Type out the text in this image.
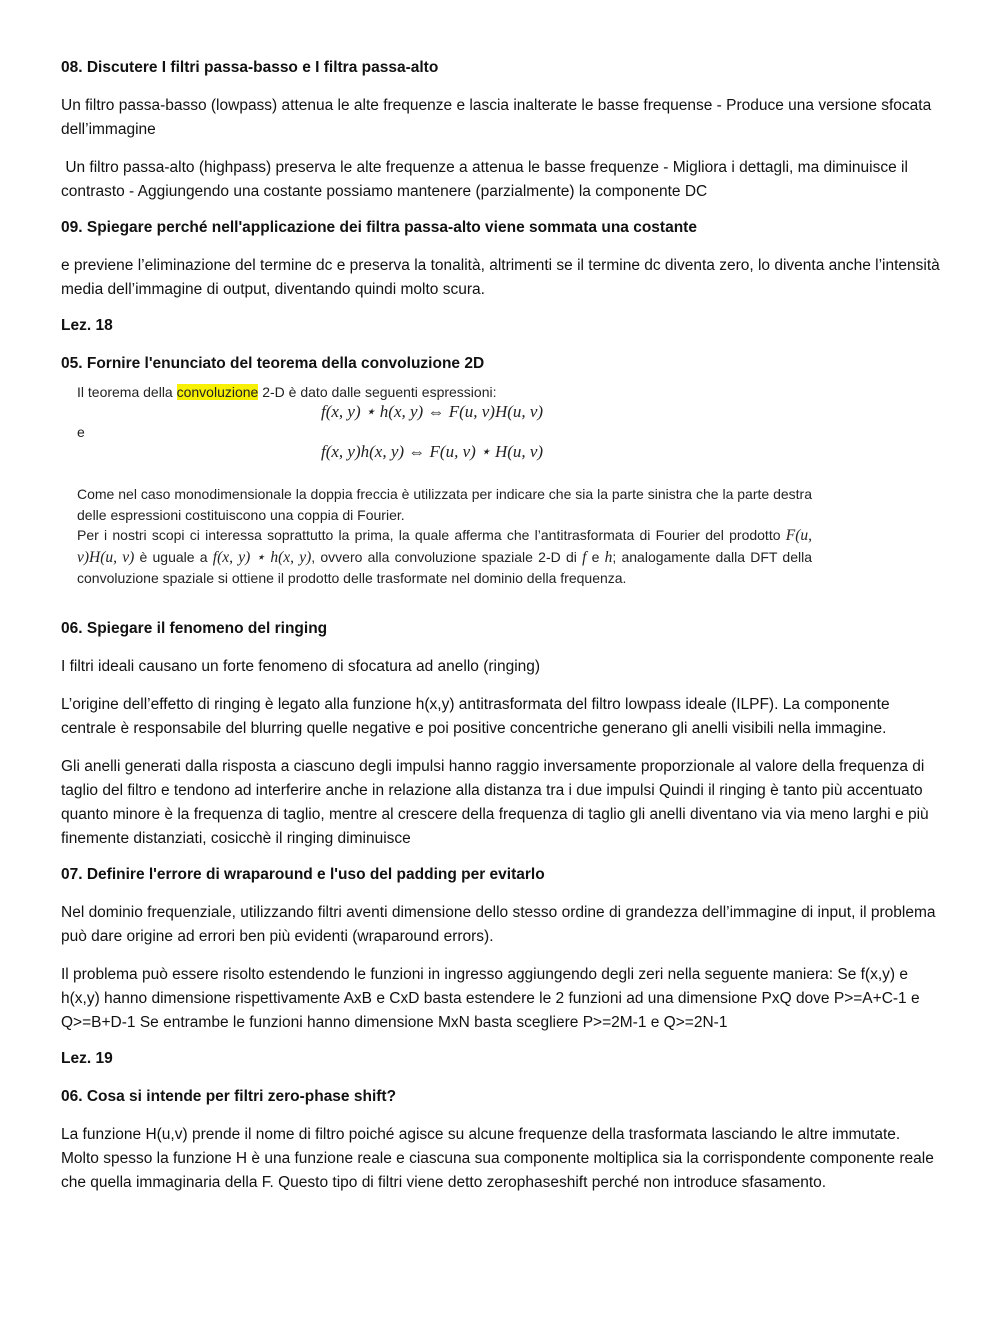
08. Discutere I filtri passa-basso e I filtra passa-alto
Un filtro passa-basso (lowpass) attenua le alte frequenze e lascia inalterate le basse frequense - Produce una versione sfocata dell’immagine
Un filtro passa-alto (highpass) preserva le alte frequenze a attenua le basse frequenze - Migliora i dettagli, ma diminuisce il contrasto - Aggiungendo una costante possiamo mantenere (parzialmente) la componente DC
09. Spiegare perché nell'applicazione dei filtra passa-alto viene sommata una costante
e previene l’eliminazione del termine dc e preserva la tonalità, altrimenti se il termine dc diventa zero, lo diventa anche l’intensità media dell’immagine di output, diventando quindi molto scura.
Lez. 18
05. Fornire l'enunciato del teorema della convoluzione 2D
Il teorema della convoluzione 2-D è dato dalle seguenti espressioni:
f(x, y) ⋆ h(x, y) ⇔ F(u, v)H(u, v)
e
f(x, y)h(x, y) ⇔ F(u, v) ⋆ H(u, v)
Come nel caso monodimensionale la doppia freccia è utilizzata per indicare che sia la parte sinistra che la parte destra delle espressioni costituiscono una coppia di Fourier.
Per i nostri scopi ci interessa soprattutto la prima, la quale afferma che l’antitrasformata di Fourier del prodotto F(u, v)H(u, v) è uguale a f(x, y) ⋆ h(x, y), ovvero alla convoluzione spaziale 2-D di f e h; analogamente dalla DFT della convoluzione spaziale si ottiene il prodotto delle trasformate nel dominio della frequenza.
06. Spiegare il fenomeno del ringing
I filtri ideali causano un forte fenomeno di sfocatura ad anello (ringing)
L’origine dell’effetto di ringing è legato alla funzione h(x,y) antitrasformata del filtro lowpass ideale (ILPF). La componente centrale è responsabile del blurring quelle negative e poi positive concentriche generano gli anelli visibili nella immagine.
Gli anelli generati dalla risposta a ciascuno degli impulsi hanno raggio inversamente proporzionale al valore della frequenza di taglio del filtro e tendono ad interferire anche in relazione alla distanza tra i due impulsi Quindi il ringing è tanto più accentuato quanto minore è la frequenza di taglio, mentre al crescere della frequenza di taglio gli anelli diventano via via meno larghi e più finemente distanziati, cosicchè il ringing diminuisce
07. Definire l'errore di wraparound e l'uso del padding per evitarlo
Nel dominio frequenziale, utilizzando filtri aventi dimensione dello stesso ordine di grandezza dell’immagine di input, il problema può dare origine ad errori ben più evidenti (wraparound errors).
Il problema può essere risolto estendendo le funzioni in ingresso aggiungendo degli zeri nella seguente maniera: Se f(x,y) e h(x,y) hanno dimensione rispettivamente AxB e CxD basta estendere le 2 funzioni ad una dimensione PxQ dove P>=A+C-1 e Q>=B+D-1 Se entrambe le funzioni hanno dimensione MxN basta scegliere P>=2M-1 e Q>=2N-1
Lez. 19
06. Cosa si intende per filtri zero-phase shift?
La funzione H(u,v) prende il nome di filtro poiché agisce su alcune frequenze della trasformata lasciando le altre immutate. Molto spesso la funzione H è una funzione reale e ciascuna sua componente moltiplica sia la corrispondente componente reale che quella immaginaria della F. Questo tipo di filtri viene detto zerophaseshift perché non introduce sfasamento.
